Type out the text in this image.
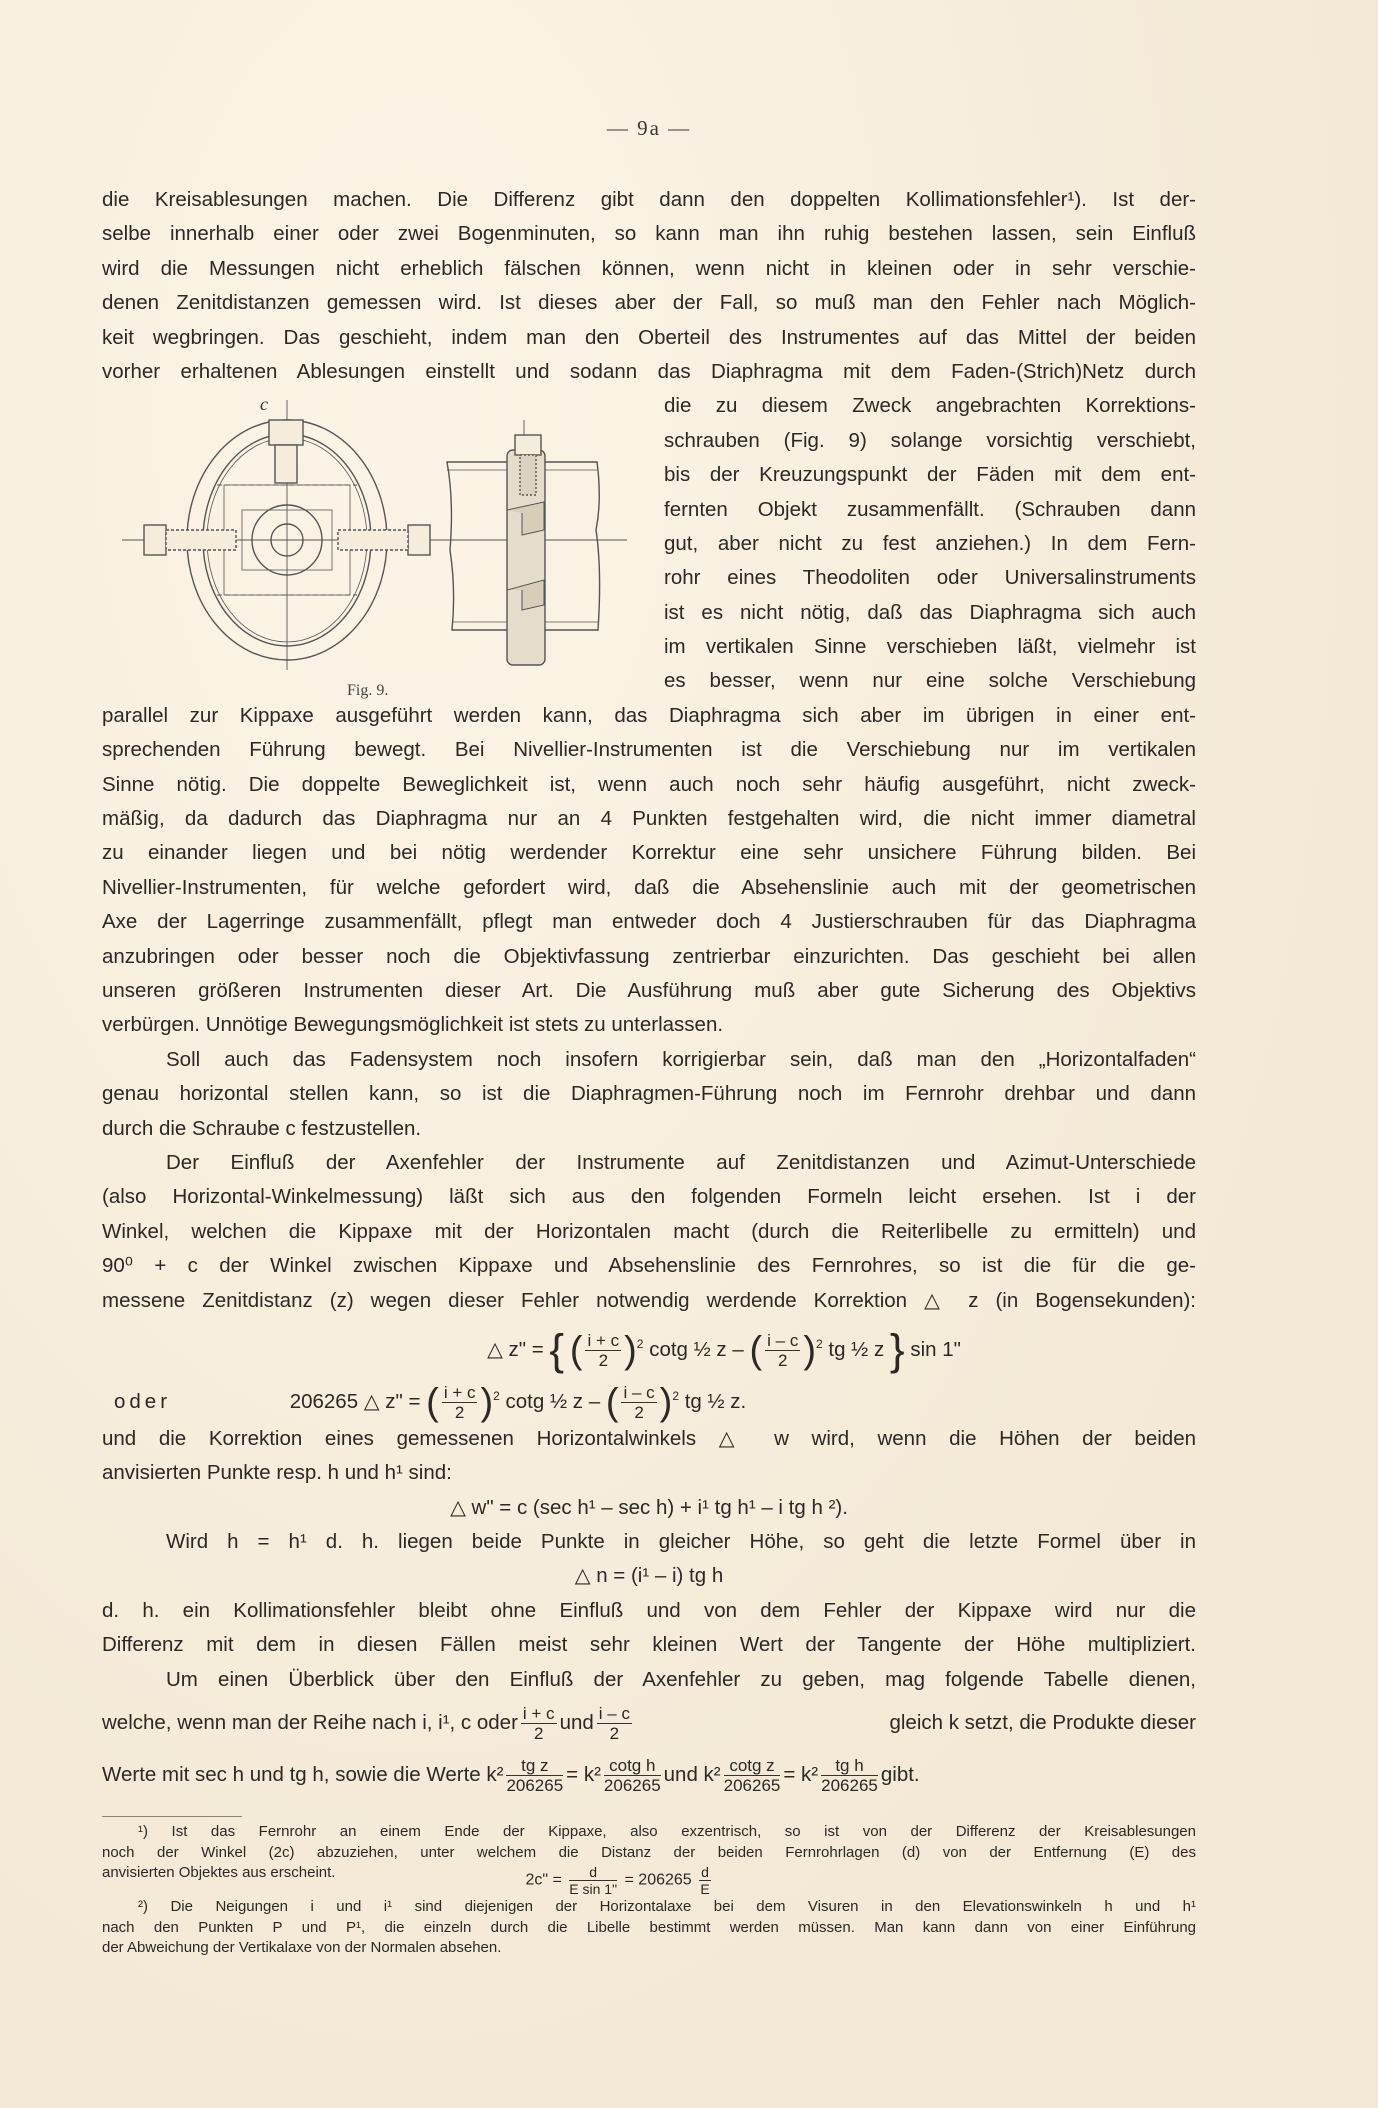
— 9a —
die Kreisablesungen machen. Die Differenz gibt dann den doppelten Kollimationsfehler¹). Ist der-
selbe innerhalb einer oder zwei Bogenminuten, so kann man ihn ruhig bestehen lassen, sein Einfluß
wird die Messungen nicht erheblich fälschen können, wenn nicht in kleinen oder in sehr verschie-
denen Zenitdistanzen gemessen wird. Ist dieses aber der Fall, so muß man den Fehler nach Möglich-
keit wegbringen. Das geschieht, indem man den Oberteil des Instrumentes auf das Mittel der beiden
vorher erhaltenen Ablesungen einstellt und sodann das Diaphragma mit dem Faden-(Strich)Netz durch
die zu diesem Zweck angebrachten Korrektions-
schrauben (Fig. 9) solange vorsichtig verschiebt,
bis der Kreuzungspunkt der Fäden mit dem ent-
fernten Objekt zusammenfällt. (Schrauben dann
gut, aber nicht zu fest anziehen.) In dem Fern-
rohr eines Theodoliten oder Universalinstruments
ist es nicht nötig, daß das Diaphragma sich auch
im vertikalen Sinne verschieben läßt, vielmehr ist
es besser, wenn nur eine solche Verschiebung
parallel zur Kippaxe ausgeführt werden kann, das Diaphragma sich aber im übrigen in einer ent-
sprechenden Führung bewegt. Bei Nivellier-Instrumenten ist die Verschiebung nur im vertikalen
Sinne nötig. Die doppelte Beweglichkeit ist, wenn auch noch sehr häufig ausgeführt, nicht zweck-
mäßig, da dadurch das Diaphragma nur an 4 Punkten festgehalten wird, die nicht immer diametral
zu einander liegen und bei nötig werdender Korrektur eine sehr unsichere Führung bilden. Bei
Nivellier-Instrumenten, für welche gefordert wird, daß die Absehenslinie auch mit der geometrischen
Axe der Lagerringe zusammenfällt, pflegt man entweder doch 4 Justierschrauben für das Diaphragma
anzubringen oder besser noch die Objektivfassung zentrierbar einzurichten. Das geschieht bei allen
unseren größeren Instrumenten dieser Art. Die Ausführung muß aber gute Sicherung des Objektivs
verbürgen. Unnötige Bewegungsmöglichkeit ist stets zu unterlassen.
Soll auch das Fadensystem noch insofern korrigierbar sein, daß man den „Horizontalfaden“
genau horizontal stellen kann, so ist die Diaphragmen-Führung noch im Fernrohr drehbar und dann
durch die Schraube c festzustellen.
Der Einfluß der Axenfehler der Instrumente auf Zenitdistanzen und Azimut-Unterschiede
(also Horizontal-Winkelmessung) läßt sich aus den folgenden Formeln leicht ersehen. Ist i der
Winkel, welchen die Kippaxe mit der Horizontalen macht (durch die Reiterlibelle zu ermitteln) und
90⁰ + c der Winkel zwischen Kippaxe und Absehenslinie des Fernrohres, so ist die für die ge-
messene Zenitdistanz (z) wegen dieser Fehler notwendig werdende Korrektion △ z (in Bogensekunden):
△ z" = { ( $\frac{i + c}{2} )^2$ cotg ½ z – ( $\frac{i - c}{2} )^2$ tg ½ z } sin 1"
oder	206265 △ z" = ( $\frac{i + c}{2} )^2$ cotg ½ z – ( $\frac{i - c}{2} )^2$ tg ½ z.
und die Korrektion eines gemessenen Horizontalwinkels △ w wird, wenn die Höhen der beiden
anvisierten Punkte resp. h und h¹ sind:
△ w" = c (sec h¹ – sec h) + i¹ tg h¹ – i tg h ²).
Wird h = h¹ d. h. liegen beide Punkte in gleicher Höhe, so geht die letzte Formel über in
△ n = (i¹ – i) tg h
d. h. ein Kollimationsfehler bleibt ohne Einfluß und von dem Fehler der Kippaxe wird nur die
Differenz mit dem in diesen Fällen meist sehr kleinen Wert der Tangente der Höhe multipliziert.
Um einen Überblick über den Einfluß der Axenfehler zu geben, mag folgende Tabelle dienen,
welche, wenn man der Reihe nach i, i¹, c oder $\frac{i + c}{2}$ und $\frac{i - c}{2}$	gleich k setzt, die Produkte dieser
Werte mit sec h und tg h, sowie die Werte $k^2 \frac{\text{tg z}}{206265} = k^2 \frac{\text{cotg h}}{206265}$ und $k^2 \frac{\text{cotg z}}{206265} = k^2 \frac{\text{tg h}}{206265}$ gibt.
c
Fig. 9.
¹) Ist das Fernrohr an einem Ende der Kippaxe, also exzentrisch, so ist von der Differenz der Kreisablesungen
noch der Winkel (2c) abzuziehen, unter welchem die Distanz der beiden Fernrohrlagen (d) von der Entfernung (E) des
anvisierten Objektes aus erscheint.	2c" = $\frac{d}{\text{E sin 1"}} = 206265 \frac{d}{E}$
²) Die Neigungen i und i¹ sind diejenigen der Horizontalaxe bei dem Visuren in den Elevationswinkeln h und h¹
nach den Punkten P und P¹, die einzeln durch die Libelle bestimmt werden müssen. Man kann dann von einer Einführung
der Abweichung der Vertikalaxe von der Normalen absehen.
